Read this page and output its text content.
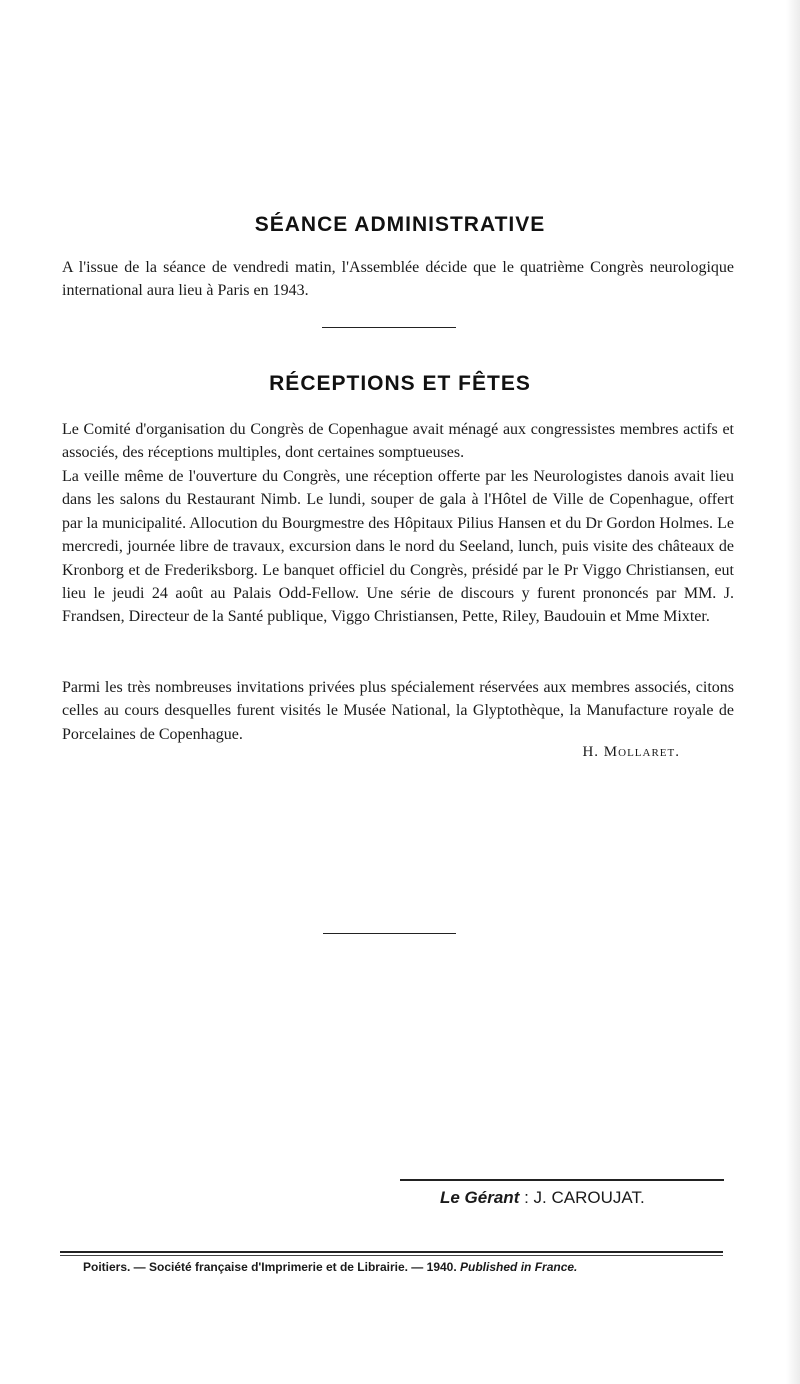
SÉANCE ADMINISTRATIVE

A l'issue de la séance de vendredi matin, l'Assemblée décide que le quatrième Congrès neurologique international aura lieu à Paris en 1943.

RÉCEPTIONS ET FÊTES

Le Comité d'organisation du Congrès de Copenhague avait ménagé aux congressistes membres actifs et associés, des réceptions multiples, dont certaines somptueuses.

La veille même de l'ouverture du Congrès, une réception offerte par les Neurologistes danois avait lieu dans les salons du Restaurant Nimb. Le lundi, souper de gala à l'Hôtel de Ville de Copenhague, offert par la municipalité. Allocution du Bourgmestre des Hôpitaux Pilius Hansen et du Dr Gordon Holmes. Le mercredi, journée libre de travaux, excursion dans le nord du Seeland, lunch, puis visite des châteaux de Kronborg et de Frederiksborg. Le banquet officiel du Congrès, présidé par le Pr Viggo Christiansen, eut lieu le jeudi 24 août au Palais Odd-Fellow. Une série de discours y furent prononcés par MM. J. Frandsen, Directeur de la Santé publique, Viggo Christiansen, Pette, Riley, Baudouin et Mme Mixter.

Parmi les très nombreuses invitations privées plus spécialement réservées aux membres associés, citons celles au cours desquelles furent visités le Musée National, la Glyptothèque, la Manufacture royale de Porcelaines de Copenhague.

H. Mollaret.
Le Gérant : J. CAROUJAT.
Poitiers. — Société française d'Imprimerie et de Librairie. — 1940. Published in France.
